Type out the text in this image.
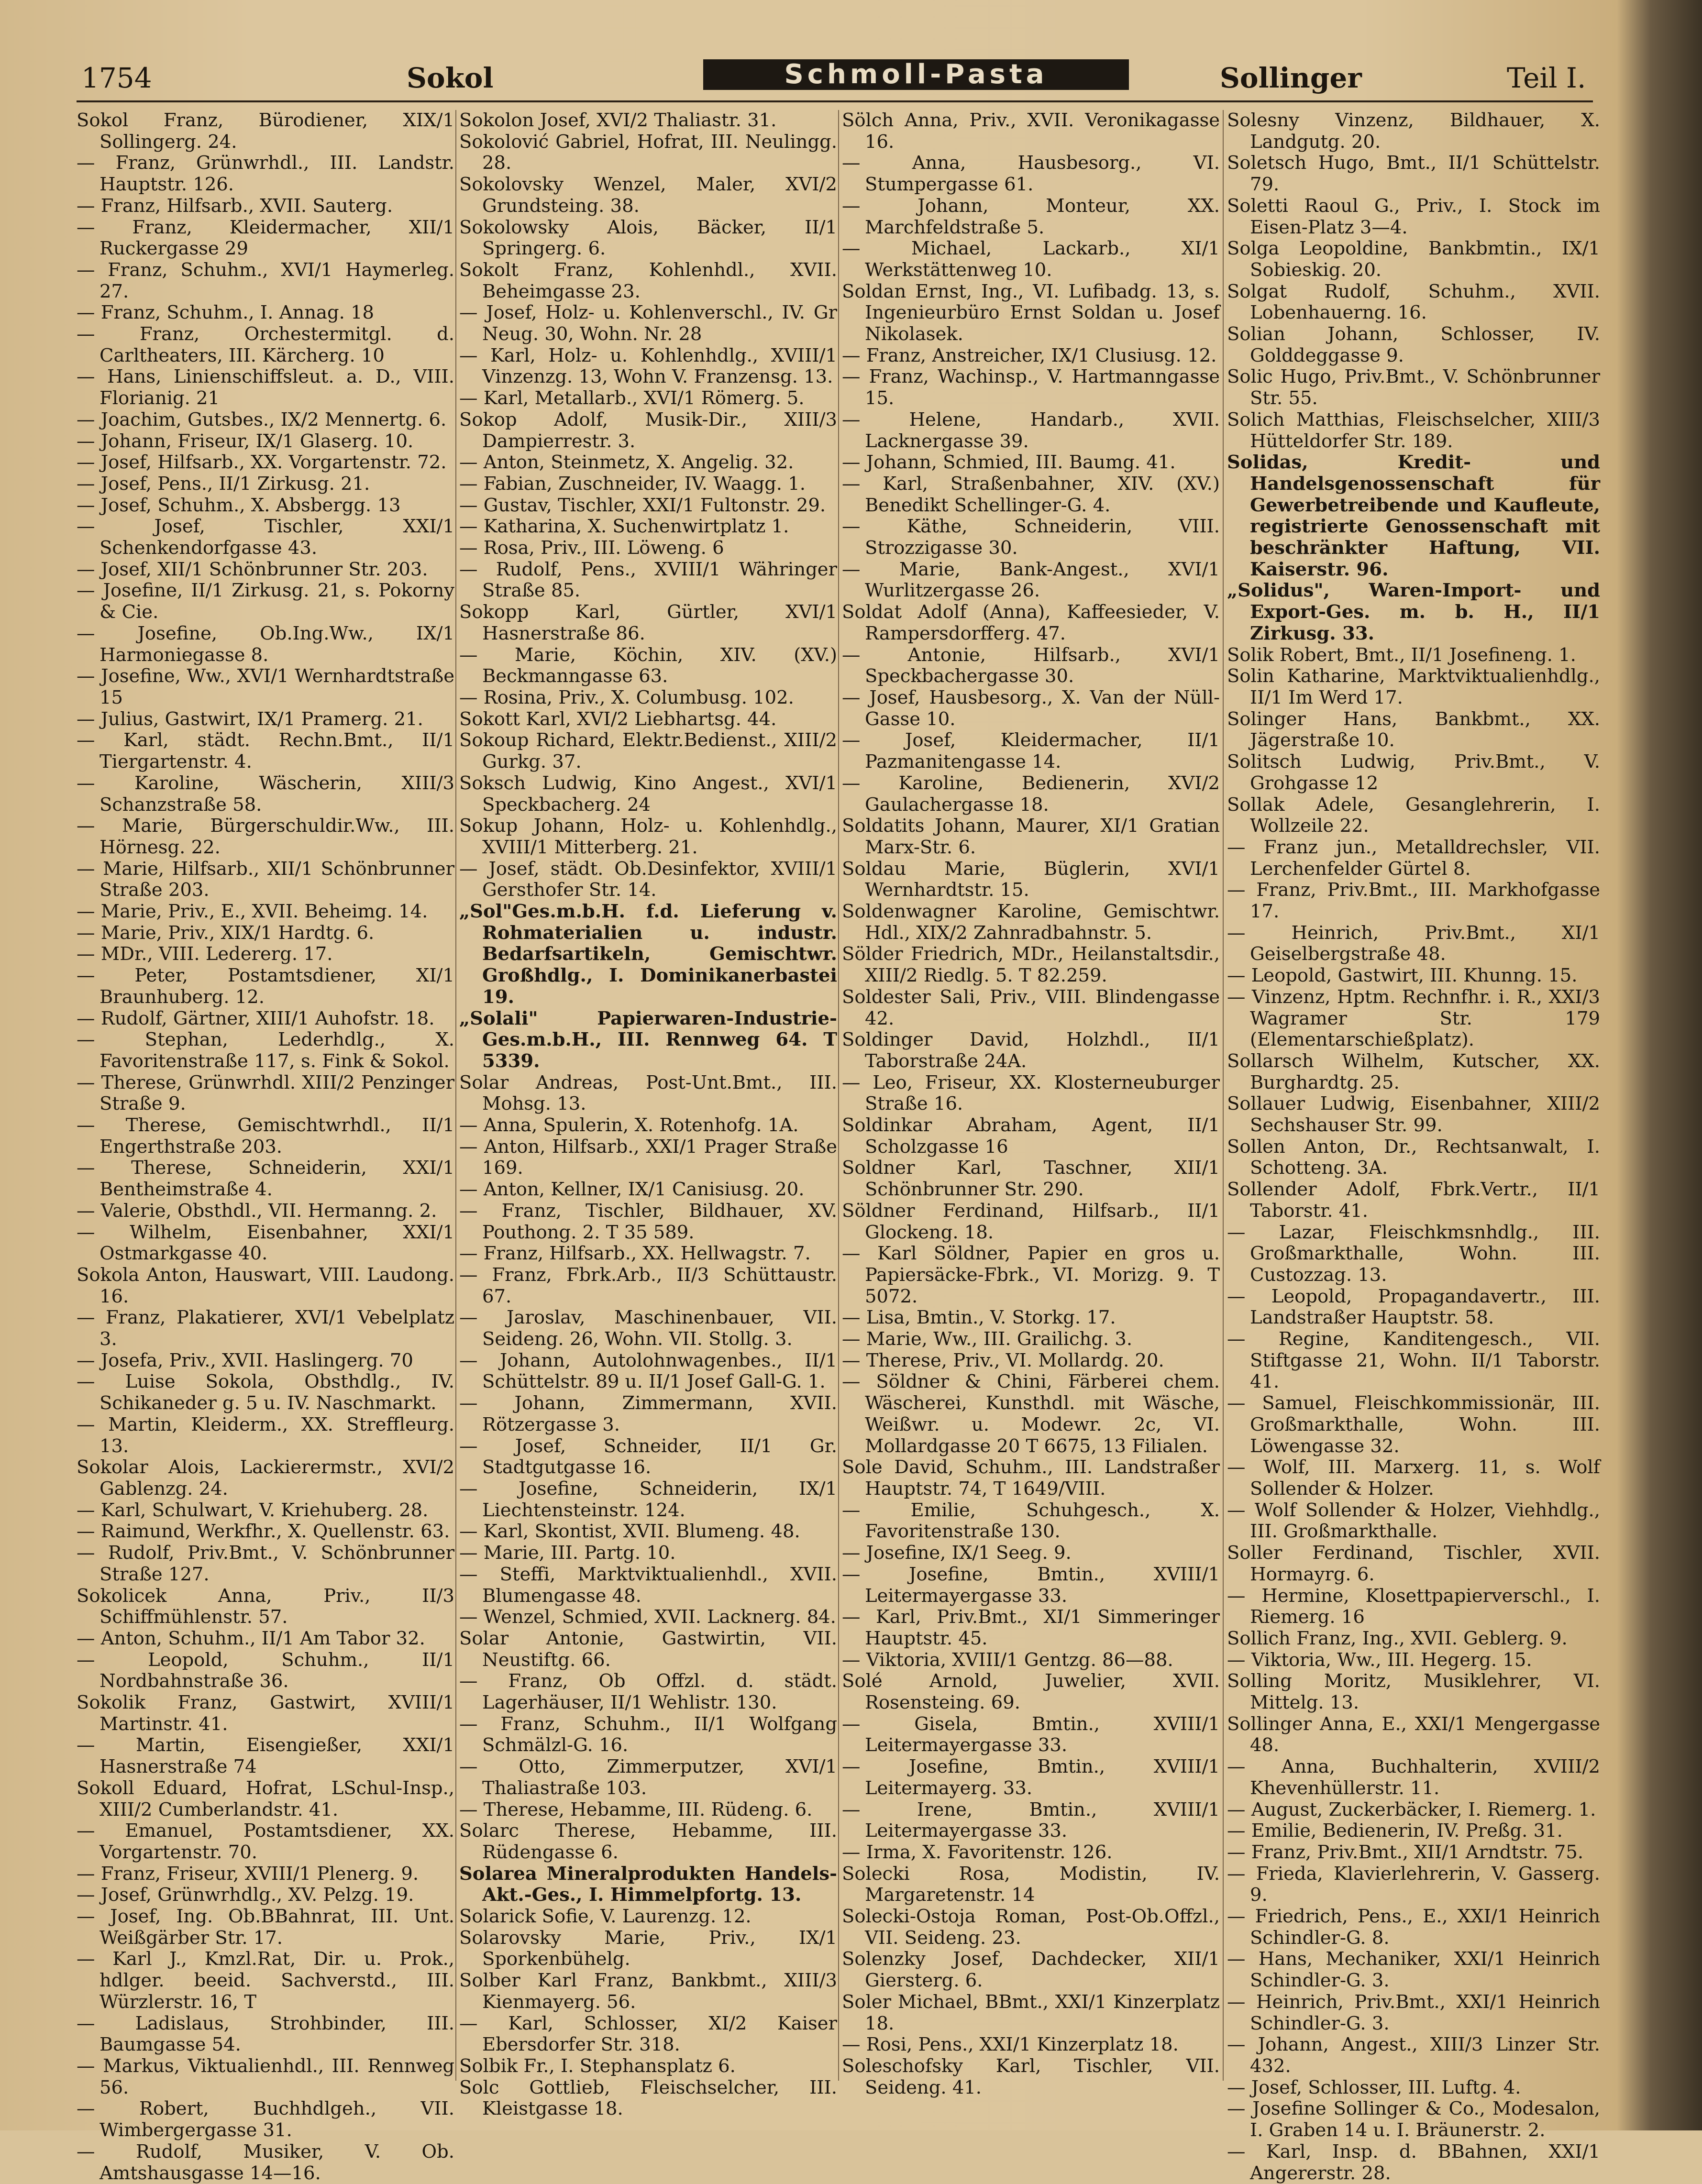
1754	Sokol	Schmoll-Pasta	Sollinger	Teil I.

Sokol Franz, Bürodiener, XIX/1 Sollingerg. 24.

— Franz, Grünwrhdl., III. Landstr. Hauptstr. 126.

— Franz, Hilfsarb., XVII. Sauterg.

— Franz, Kleidermacher, XII/1 Ruckergasse 29

— Franz, Schuhm., XVI/1 Haymerleg. 27.

— Franz, Schuhm., I. Annag. 18

— Franz, Orchestermitgl. d. Carltheaters, III. Kärcherg. 10

— Hans, Linienschiffsleut. a. D., VIII. Florianig. 21

— Joachim, Gutsbes., IX/2 Mennertg. 6.

— Johann, Friseur, IX/1 Glaserg. 10.

— Josef, Hilfsarb., XX. Vorgartenstr. 72.

— Josef, Pens., II/1 Zirkusg. 21.

— Josef, Schuhm., X. Absbergg. 13

— Josef, Tischler, XXI/1 Schenkendorfgasse 43.

— Josef, XII/1 Schönbrunner Str. 203.

— Josefine, II/1 Zirkusg. 21, s. Pokorny & Cie.

— Josefine, Ob.Ing.Ww., IX/1 Harmoniegasse 8.

— Josefine, Ww., XVI/1 Wernhardtstraße 15

— Julius, Gastwirt, IX/1 Pramerg. 21.

— Karl, städt. Rechn.Bmt., II/1 Tiergartenstr. 4.

— Karoline, Wäscherin, XIII/3 Schanzstraße 58.

— Marie, Bürgerschuldir.Ww., III. Hörnesg. 22.

— Marie, Hilfsarb., XII/1 Schönbrunner Straße 203.

— Marie, Priv., E., XVII. Beheimg. 14.

— Marie, Priv., XIX/1 Hardtg. 6.

— MDr., VIII. Ledererg. 17.

— Peter, Postamtsdiener, XI/1 Braunhuberg. 12.

— Rudolf, Gärtner, XIII/1 Auhofstr. 18.

— Stephan, Lederhdlg., X. Favoritenstraße 117, s. Fink & Sokol.

— Therese, Grünwrhdl. XIII/2 Penzinger Straße 9.

— Therese, Gemischtwrhdl., II/1 Engerthstraße 203.

— Therese, Schneiderin, XXI/1 Bentheimstraße 4.

— Valerie, Obsthdl., VII. Hermanng. 2.

— Wilhelm, Eisenbahner, XXI/1 Ostmarkgasse 40.

Sokola Anton, Hauswart, VIII. Laudong. 16.

— Franz, Plakatierer, XVI/1 Vebelplatz 3.

— Josefa, Priv., XVII. Haslingerg. 70

— Luise Sokola, Obsthdlg., IV. Schikaneder g. 5 u. IV. Naschmarkt.

— Martin, Kleiderm., XX. Streffleurg. 13.

Sokolar Alois, Lackierermstr., XVI/2 Gablenzg. 24.

— Karl, Schulwart, V. Kriehuberg. 28.

— Raimund, Werkfhr., X. Quellenstr. 63.

— Rudolf, Priv.Bmt., V. Schönbrunner Straße 127.

Sokolicek Anna, Priv., II/3 Schiffmühlenstr. 57.

— Anton, Schuhm., II/1 Am Tabor 32.

— Leopold, Schuhm., II/1 Nordbahnstraße 36.

Sokolik Franz, Gastwirt, XVIII/1 Martinstr. 41.

— Martin, Eisengießer, XXI/1 Hasnerstraße 74

Sokoll Eduard, Hofrat, LSchul-Insp., XIII/2 Cumberlandstr. 41.

— Emanuel, Postamtsdiener, XX. Vorgartenstr. 70.

— Franz, Friseur, XVIII/1 Plenerg. 9.

— Josef, Grünwrhdlg., XV. Pelzg. 19.

— Josef, Ing. Ob.BBahnrat, III. Unt. Weißgärber Str. 17.

— Karl J., Kmzl.Rat, Dir. u. Prok., hdlger. beeid. Sachverstd., III. Würzlerstr. 16, T

— Ladislaus, Strohbinder, III. Baumgasse 54.

— Markus, Viktualienhdl., III. Rennweg 56.

— Robert, Buchhdlgeh., VII. Wimbergergasse 31.

— Rudolf, Musiker, V. Ob. Amtshausgasse 14—16.

Sokolon Josef, XVI/2 Thaliastr. 31.

Sokolović Gabriel, Hofrat, III. Neulingg. 28.

Sokolovsky Wenzel, Maler, XVI/2 Grundsteing. 38.

Sokolowsky Alois, Bäcker, II/1 Springerg. 6.

Sokolt Franz, Kohlenhdl., XVII. Beheimgasse 23.

— Josef, Holz- u. Kohlenverschl., IV. Gr Neug. 30, Wohn. Nr. 28

— Karl, Holz- u. Kohlenhdlg., XVIII/1 Vinzenzg. 13, Wohn V. Franzensg. 13.

— Karl, Metallarb., XVI/1 Römerg. 5.

Sokop Adolf, Musik-Dir., XIII/3 Dampierrestr. 3.

— Anton, Steinmetz, X. Angelig. 32.

— Fabian, Zuschneider, IV. Waagg. 1.

— Gustav, Tischler, XXI/1 Fultonstr. 29.

— Katharina, X. Suchenwirtplatz 1.

— Rosa, Priv., III. Löweng. 6

— Rudolf, Pens., XVIII/1 Währinger Straße 85.

Sokopp Karl, Gürtler, XVI/1 Hasnerstraße 86.

— Marie, Köchin, XIV. (XV.) Beckmanngasse 63.

— Rosina, Priv., X. Columbusg. 102.

Sokott Karl, XVI/2 Liebhartsg. 44.

Sokoup Richard, Elektr.Bedienst., XIII/2 Gurkg. 37.

Soksch Ludwig, Kino Angest., XVI/1 Speckbacherg. 24

Sokup Johann, Holz- u. Kohlenhdlg., XVIII/1 Mitterberg. 21.

— Josef, städt. Ob.Desinfektor, XVIII/1 Gersthofer Str. 14.

„Sol"Ges.m.b.H. f.d. Lieferung v. Rohmaterialien u. industr. Bedarfsartikeln, Gemischtwr. Großhdlg., I. Dominikanerbastei 19.

„Solali" Papierwaren-Industrie-Ges.m.b.H., III. Rennweg 64. T 5339.

Solar Andreas, Post-Unt.Bmt., III. Mohsg. 13.

— Anna, Spulerin, X. Rotenhofg. 1A.

— Anton, Hilfsarb., XXI/1 Prager Straße 169.

— Anton, Kellner, IX/1 Canisiusg. 20.

— Franz, Tischler, Bildhauer, XV. Pouthong. 2. T 35 589.

— Franz, Hilfsarb., XX. Hellwagstr. 7.

— Franz, Fbrk.Arb., II/3 Schüttaustr. 67.

— Jaroslav, Maschinenbauer, VII. Seideng. 26, Wohn. VII. Stollg. 3.

— Johann, Autolohnwagenbes., II/1 Schüttelstr. 89 u. II/1 Josef Gall-G. 1.

— Johann, Zimmermann, XVII. Rötzergasse 3.

— Josef, Schneider, II/1 Gr. Stadtgutgasse 16.

— Josefine, Schneiderin, IX/1 Liechtensteinstr. 124.

— Karl, Skontist, XVII. Blumeng. 48.

— Marie, III. Partg. 10.

— Steffi, Marktviktualienhdl., XVII. Blumengasse 48.

— Wenzel, Schmied, XVII. Lacknerg. 84.

Solar Antonie, Gastwirtin, VII. Neustiftg. 66.

— Franz, Ob Offzl. d. städt. Lagerhäuser, II/1 Wehlistr. 130.

— Franz, Schuhm., II/1 Wolfgang Schmälzl-G. 16.

— Otto, Zimmerputzer, XVI/1 Thaliastraße 103.

— Therese, Hebamme, III. Rüdeng. 6.

Solarc Therese, Hebamme, III. Rüdengasse 6.

Solarea Mineralprodukten Handels-Akt.-Ges., I. Himmelpfortg. 13.

Solarick Sofie, V. Laurenzg. 12.

Solarovsky Marie, Priv., IX/1 Sporkenbühelg.

Solber Karl Franz, Bankbmt., XIII/3 Kienmayerg. 56.

— Karl, Schlosser, XI/2 Kaiser Ebersdorfer Str. 318.

Solbik Fr., I. Stephansplatz 6.

Solc Gottlieb, Fleischselcher, III. Kleistgasse 18.

Sölch Anna, Priv., XVII. Veronikagasse 16.

— Anna, Hausbesorg., VI. Stumpergasse 61.

— Johann, Monteur, XX. Marchfeldstraße 5.

— Michael, Lackarb., XI/1 Werkstättenweg 10.

Soldan Ernst, Ing., VI. Lufibadg. 13, s. Ingenieurbüro Ernst Soldan u. Josef Nikolasek.

— Franz, Anstreicher, IX/1 Clusiusg. 12.

— Franz, Wachinsp., V. Hartmanngasse 15.

— Helene, Handarb., XVII. Lacknergasse 39.

— Johann, Schmied, III. Baumg. 41.

— Karl, Straßenbahner, XIV. (XV.) Benedikt Schellinger-G. 4.

— Käthe, Schneiderin, VIII. Strozzigasse 30.

— Marie, Bank-Angest., XVI/1 Wurlitzergasse 26.

Soldat Adolf (Anna), Kaffeesieder, V. Rampersdorfferg. 47.

— Antonie, Hilfsarb., XVI/1 Speckbachergasse 30.

— Josef, Hausbesorg., X. Van der Nüll-Gasse 10.

— Josef, Kleidermacher, II/1 Pazmanitengasse 14.

— Karoline, Bedienerin, XVI/2 Gaulachergasse 18.

Soldatits Johann, Maurer, XI/1 Gratian Marx-Str. 6.

Soldau Marie, Büglerin, XVI/1 Wernhardtstr. 15.

Soldenwagner Karoline, Gemischtwr. Hdl., XIX/2 Zahnradbahnstr. 5.

Sölder Friedrich, MDr., Heilanstaltsdir., XIII/2 Riedlg. 5. T 82.259.

Soldester Sali, Priv., VIII. Blindengasse 42.

Soldinger David, Holzhdl., II/1 Taborstraße 24A.

— Leo, Friseur, XX. Klosterneuburger Straße 16.

Soldinkar Abraham, Agent, II/1 Scholzgasse 16

Soldner Karl, Taschner, XII/1 Schönbrunner Str. 290.

Söldner Ferdinand, Hilfsarb., II/1 Glockeng. 18.

— Karl Söldner, Papier en gros u. Papiersäcke-Fbrk., VI. Morizg. 9. T 5072.

— Lisa, Bmtin., V. Storkg. 17.

— Marie, Ww., III. Grailichg. 3.

— Therese, Priv., VI. Mollardg. 20.

— Söldner & Chini, Färberei chem. Wäscherei, Kunsthdl. mit Wäsche, Weißwr. u. Modewr. 2c, VI. Mollardgasse 20 T 6675, 13 Filialen.

Sole David, Schuhm., III. Landstraßer Hauptstr. 74, T 1649/VIII.

— Emilie, Schuhgesch., X. Favoritenstraße 130.

— Josefine, IX/1 Seeg. 9.

— Josefine, Bmtin., XVIII/1 Leitermayergasse 33.

— Karl, Priv.Bmt., XI/1 Simmeringer Hauptstr. 45.

— Viktoria, XVIII/1 Gentzg. 86—88.

Solé Arnold, Juwelier, XVII. Rosensteing. 69.

— Gisela, Bmtin., XVIII/1 Leitermayergasse 33.

— Josefine, Bmtin., XVIII/1 Leitermayerg. 33.

— Irene, Bmtin., XVIII/1 Leitermayergasse 33.

— Irma, X. Favoritenstr. 126.

Solecki Rosa, Modistin, IV. Margaretenstr. 14

Solecki-Ostoja Roman, Post-Ob.Offzl., VII. Seideng. 23.

Solenzky Josef, Dachdecker, XII/1 Giersterg. 6.

Soler Michael, BBmt., XXI/1 Kinzerplatz 18.

— Rosi, Pens., XXI/1 Kinzerplatz 18.

Soleschofsky Karl, Tischler, VII. Seideng. 41.

Solesny Vinzenz, Bildhauer, X. Landgutg. 20.

Soletsch Hugo, Bmt., II/1 Schüttelstr. 79.

Soletti Raoul G., Priv., I. Stock im Eisen-Platz 3—4.

Solga Leopoldine, Bankbmtin., IX/1 Sobieskig. 20.

Solgat Rudolf, Schuhm., XVII. Lobenhauerng. 16.

Solian Johann, Schlosser, IV. Golddeggasse 9.

Solic Hugo, Priv.Bmt., V. Schönbrunner Str. 55.

Solich Matthias, Fleischselcher, XIII/3 Hütteldorfer Str. 189.

Solidas, Kredit- und Handelsgenossenschaft für Gewerbetreibende und Kaufleute, registrierte Genossenschaft mit beschränkter Haftung, VII. Kaiserstr. 96.

„Solidus", Waren-Import- und Export-Ges. m. b. H., II/1 Zirkusg. 33.

Solik Robert, Bmt., II/1 Josefineng. 1.

Solin Katharine, Marktviktualienhdlg., II/1 Im Werd 17.

Solinger Hans, Bankbmt., XX. Jägerstraße 10.

Solitsch Ludwig, Priv.Bmt., V. Grohgasse 12

Sollak Adele, Gesanglehrerin, I. Wollzeile 22.

— Franz jun., Metalldrechsler, VII. Lerchenfelder Gürtel 8.

— Franz, Priv.Bmt., III. Markhofgasse 17.

— Heinrich, Priv.Bmt., XI/1 Geiselbergstraße 48.

— Leopold, Gastwirt, III. Khunng. 15.

— Vinzenz, Hptm. Rechnfhr. i. R., XXI/3 Wagramer Str. 179 (Elementarschießplatz).

Sollarsch Wilhelm, Kutscher, XX. Burghardtg. 25.

Sollauer Ludwig, Eisenbahner, XIII/2 Sechshauser Str. 99.

Sollen Anton, Dr., Rechtsanwalt, I. Schotteng. 3A.

Sollender Adolf, Fbrk.Vertr., II/1 Taborstr. 41.

— Lazar, Fleischkmsnhdlg., III. Großmarkthalle, Wohn. III. Custozzag. 13.

— Leopold, Propagandavertr., III. Landstraßer Hauptstr. 58.

— Regine, Kanditengesch., VII. Stiftgasse 21, Wohn. II/1 Taborstr. 41.

— Samuel, Fleischkommissionär, III. Großmarkthalle, Wohn. III. Löwengasse 32.

— Wolf, III. Marxerg. 11, s. Wolf Sollender & Holzer.

— Wolf Sollender & Holzer, Viehhdlg., III. Großmarkthalle.

Soller Ferdinand, Tischler, XVII. Hormayrg. 6.

— Hermine, Klosettpapierverschl., I. Riemerg. 16

Sollich Franz, Ing., XVII. Geblerg. 9.

— Viktoria, Ww., III. Hegerg. 15.

Solling Moritz, Musiklehrer, VI. Mittelg. 13.

Sollinger Anna, E., XXI/1 Mengergasse 48.

— Anna, Buchhalterin, XVIII/2 Khevenhüllerstr. 11.

— August, Zuckerbäcker, I. Riemerg. 1.

— Emilie, Bedienerin, IV. Preßg. 31.

— Franz, Priv.Bmt., XII/1 Arndtstr. 75.

— Frieda, Klavierlehrerin, V. Gasserg. 9.

— Friedrich, Pens., E., XXI/1 Heinrich Schindler-G. 8.

— Hans, Mechaniker, XXI/1 Heinrich Schindler-G. 3.

— Heinrich, Priv.Bmt., XXI/1 Heinrich Schindler-G. 3.

— Johann, Angest., XIII/3 Linzer Str. 432.

— Josef, Schlosser, III. Luftg. 4.

— Josefine Sollinger & Co., Modesalon, I. Graben 14 u. I. Bräunerstr. 2.

— Karl, Insp. d. BBahnen, XXI/1 Angererstr. 28.
